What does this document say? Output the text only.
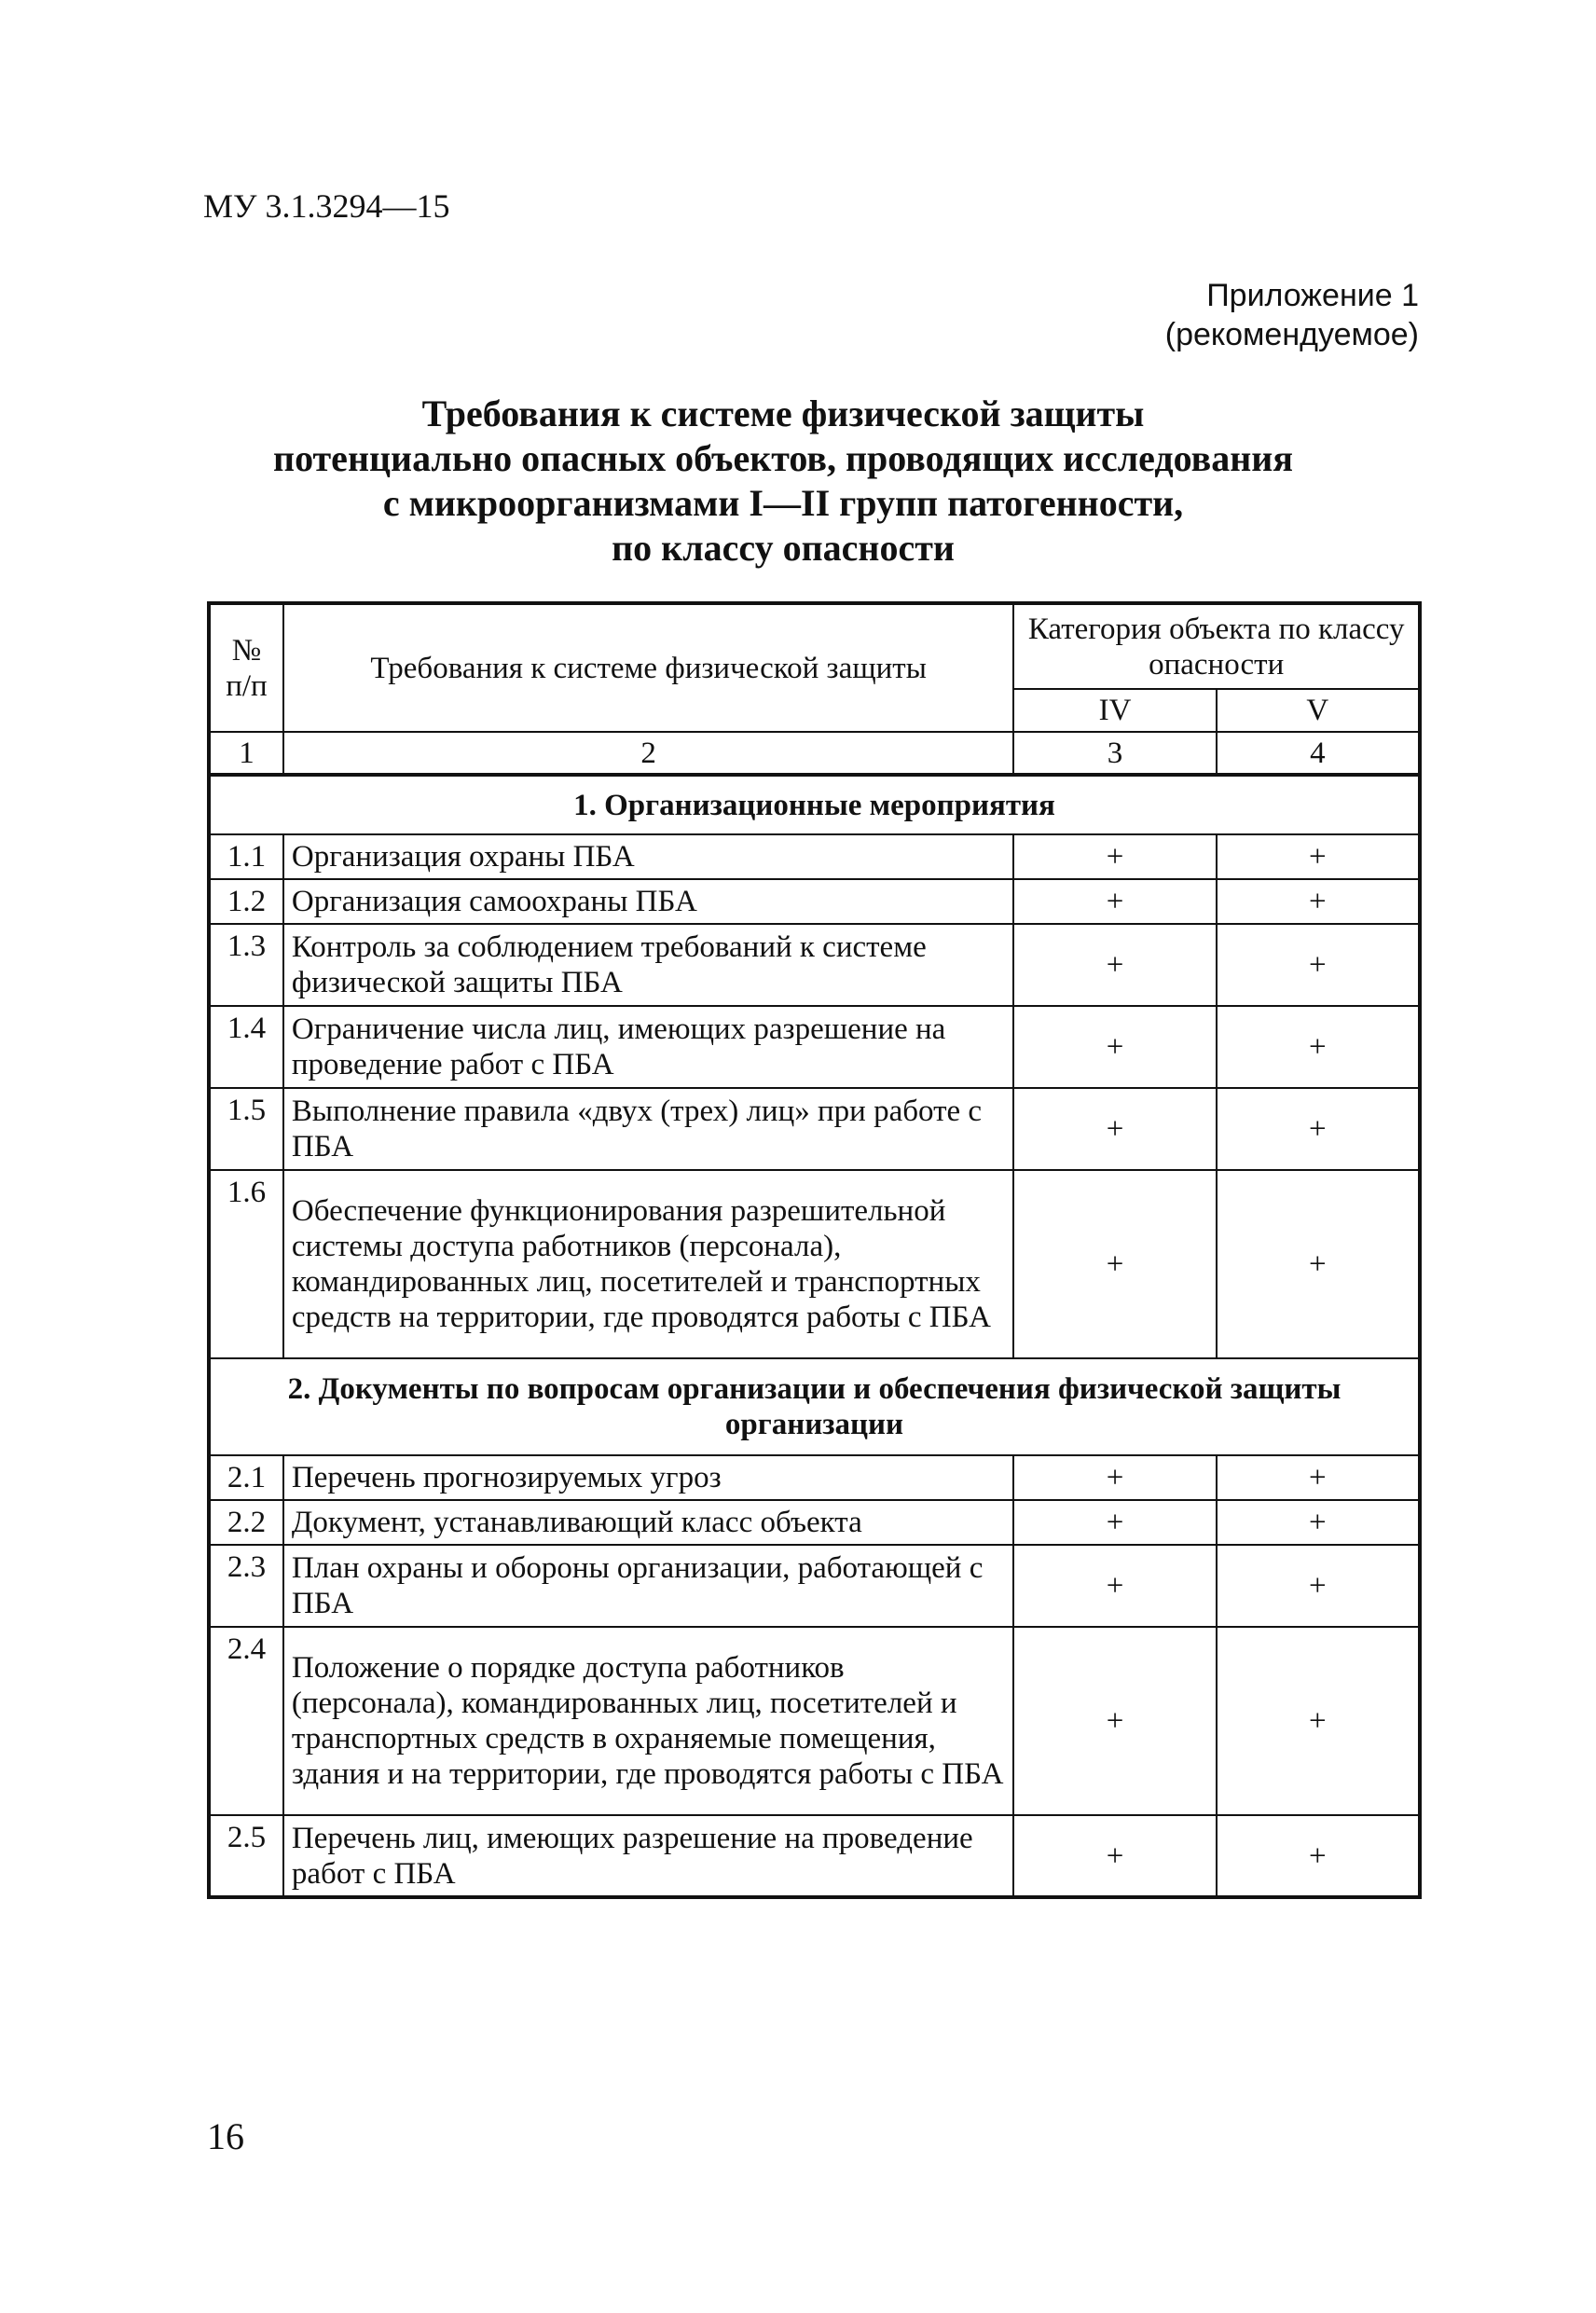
МУ 3.1.3294—15
Приложение 1
(рекомендуемое)
Требования к системе физической защиты
потенциально опасных объектов, проводящих исследования
с микроорганизмами I—II групп патогенности,
по классу опасности
№ п/п	Требования к системе физической защиты	Категория объекта по классу опасности	
		IV	V
1	2	3	4
1. Организационные мероприятия			
1.1	Организация охраны ПБА	+	+
1.2	Организация самоохраны ПБА	+	+
1.3	Контроль за соблюдением требований к системе физической защиты ПБА	+	+
1.4	Ограничение числа лиц, имеющих разрешение на проведение работ с ПБА	+	+
1.5	Выполнение правила «двух (трех) лиц» при работе с ПБА	+	+
1.6	Обеспечение функционирования разрешительной системы доступа работников (персонала), командированных лиц, посетителей и транспортных средств на территории, где проводятся работы с ПБА	+	+
2. Документы по вопросам организации и обеспечения физической защиты организации			
2.1	Перечень прогнозируемых угроз	+	+
2.2	Документ, устанавливающий класс объекта	+	+
2.3	План охраны и обороны организации, работающей с ПБА	+	+
2.4	Положение о порядке доступа работников (персонала), командированных лиц, посетителей и транспортных средств в охраняемые помещения, здания и на территории, где проводятся работы с ПБА	+	+
2.5	Перечень лиц, имеющих разрешение на проведение работ с ПБА	+	+
16
